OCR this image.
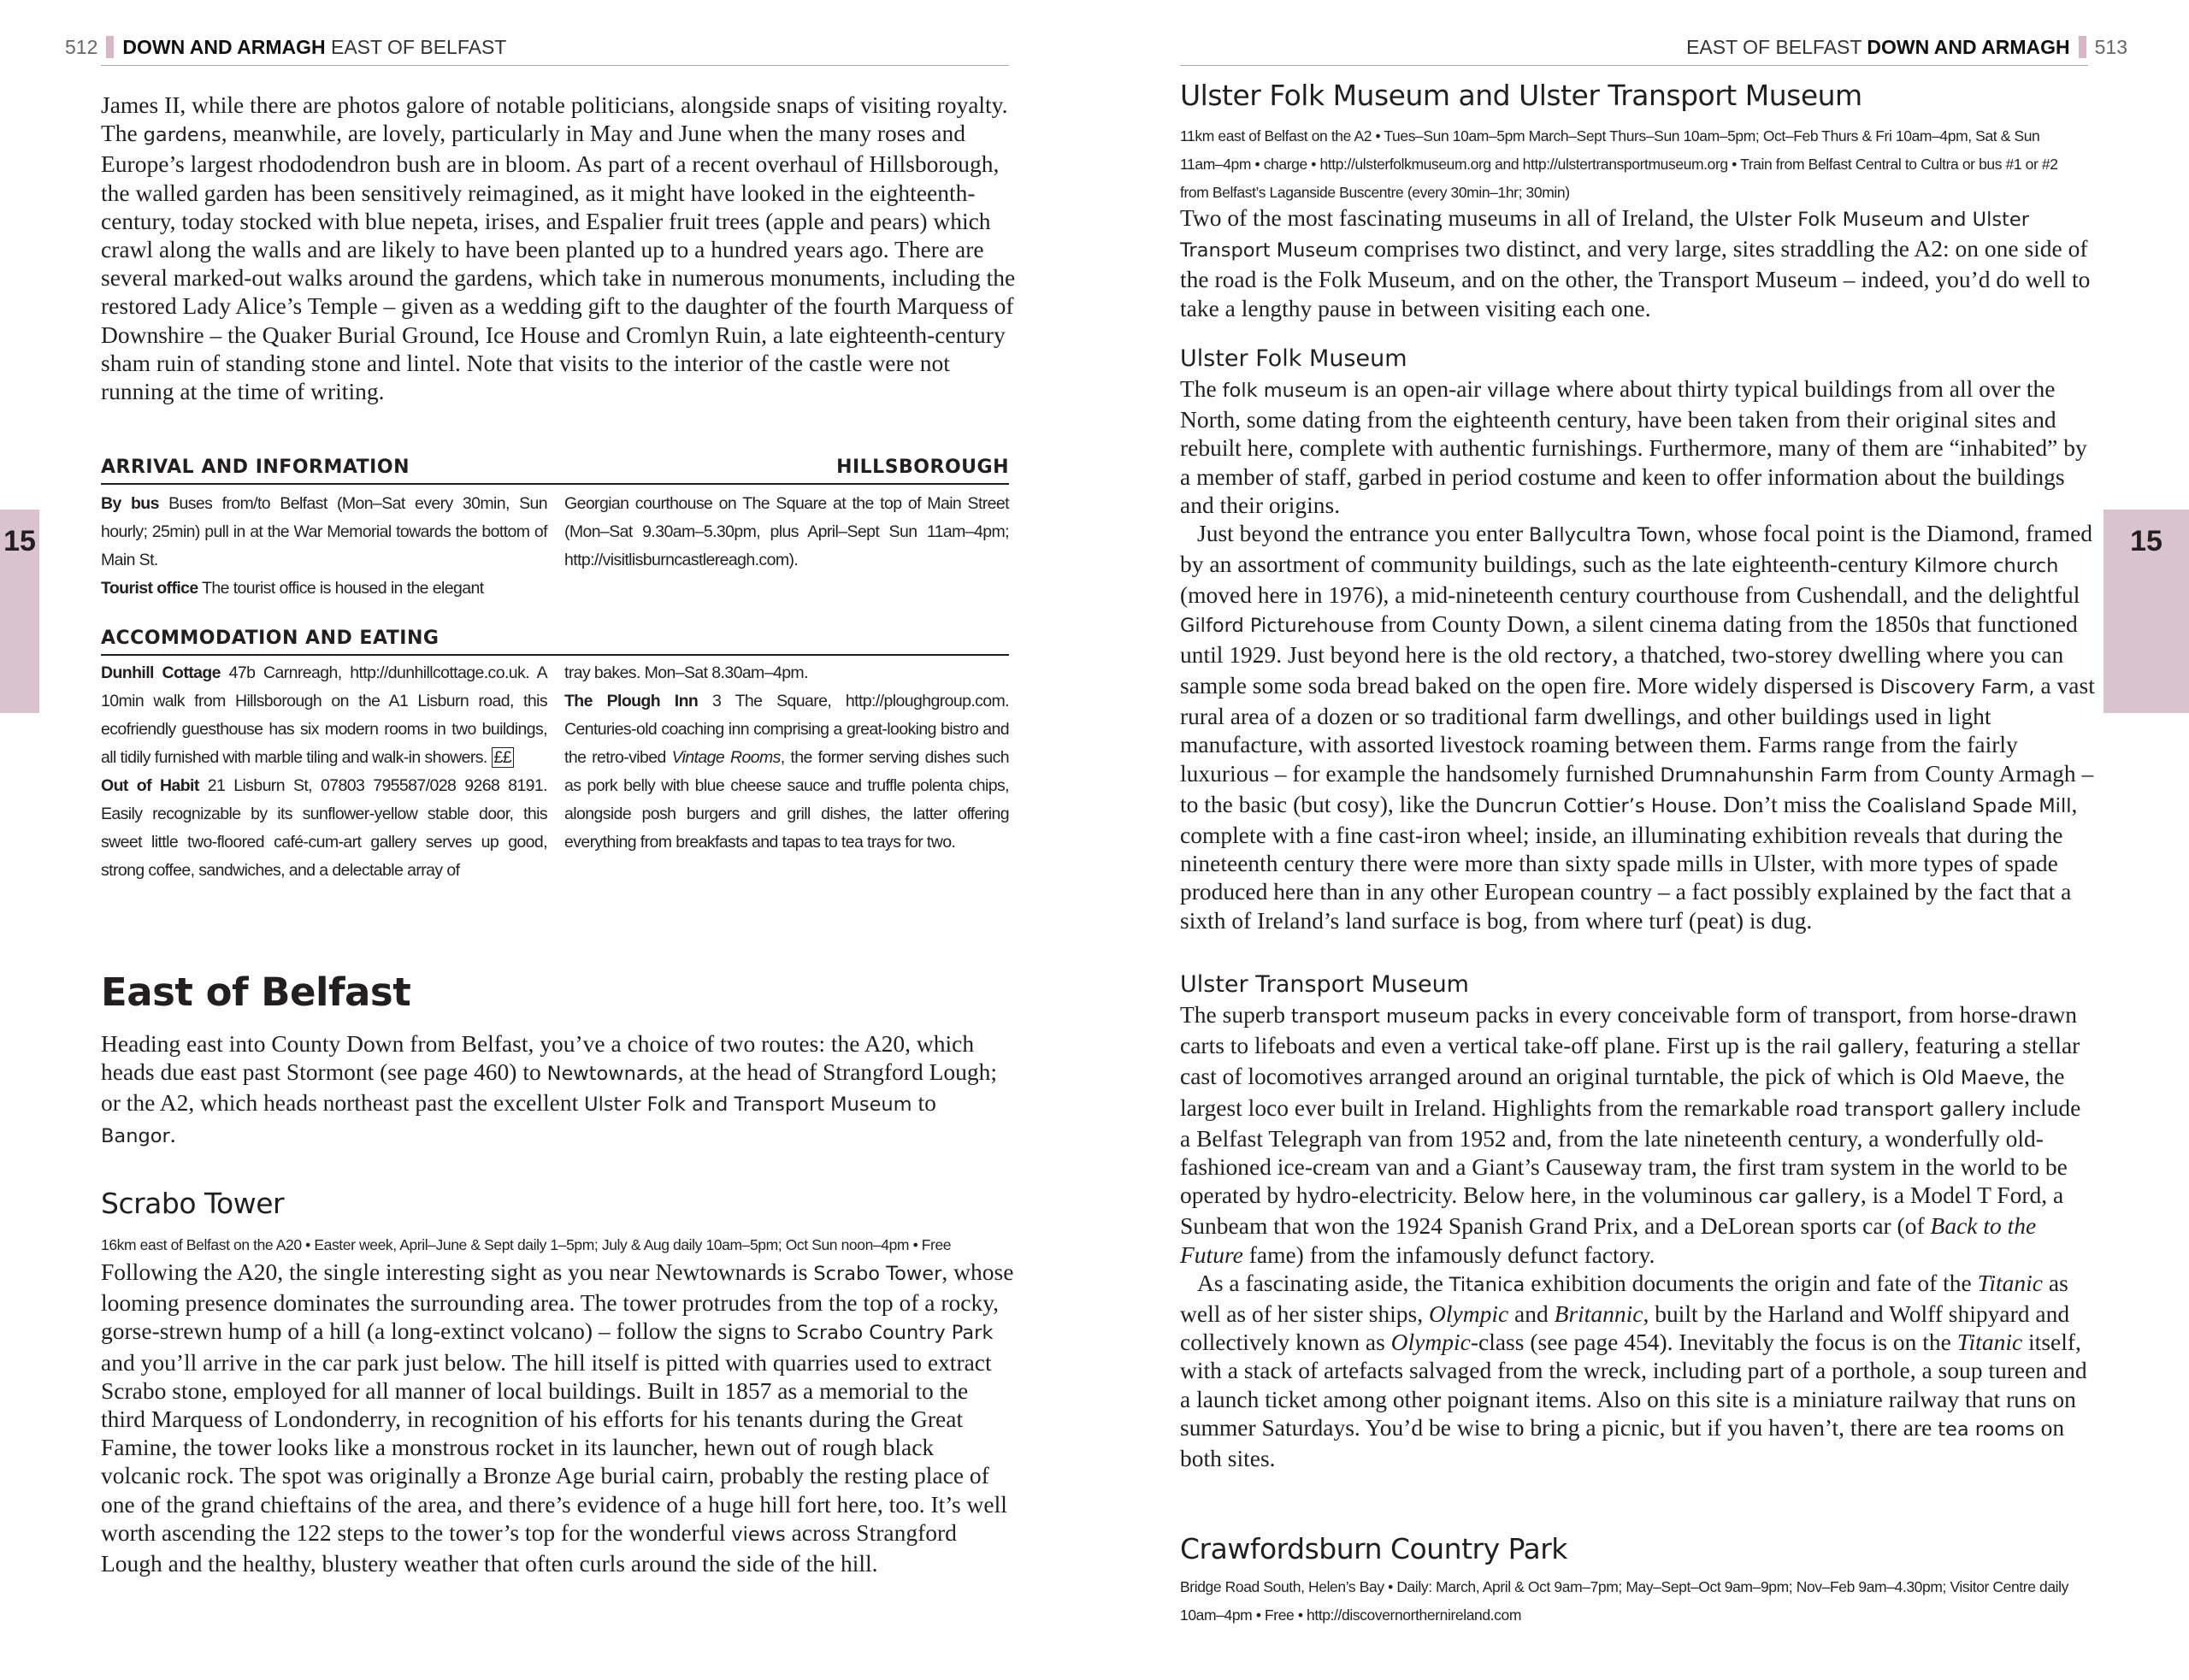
512 DOWN AND ARMAGH EAST OF BELFAST
15

James II, while there are photos galore of notable politicians, alongside snaps of visiting royalty. The gardens, meanwhile, are lovely, particularly in May and June when the many roses and Europe’s largest rhododendron bush are in bloom. As part of a recent overhaul of Hillsborough, the walled garden has been sensitively reimagined, as it might have looked in the eighteenth-century, today stocked with blue nepeta, irises, and Espalier fruit trees (apple and pears) which crawl along the walls and are likely to have been planted up to a hundred years ago. There are several marked-out walks around the gardens, which take in numerous monuments, including the restored Lady Alice’s Temple – given as a wedding gift to the daughter of the fourth Marquess of Downshire – the Quaker Burial Ground, Ice House and Cromlyn Ruin, a late eighteenth-century sham ruin of standing stone and lintel. Note that visits to the interior of the castle were not running at the time of writing.

ARRIVAL AND INFORMATION	HILLSBOROUGH

By bus Buses from/to Belfast (Mon–Sat every 30min, Sun hourly; 25min) pull in at the War Memorial towards the bottom of Main St.

Tourist office The tourist office is housed in the elegant

Georgian courthouse on The Square at the top of Main Street (Mon–Sat 9.30am–5.30pm, plus April–Sept Sun 11am–4pm; http://visitlisburncastlereagh.com).

ACCOMMODATION AND EATING

Dunhill Cottage 47b Carnreagh, http://dunhillcottage.co.uk. A 10min walk from Hillsborough on the A1 Lisburn road, this ecofriendly guesthouse has six modern rooms in two buildings, all tidily furnished with marble tiling and walk-in showers. ££

Out of Habit 21 Lisburn St, 07803 795587/028 9268 8191. Easily recognizable by its sunflower-yellow stable door, this sweet little two-floored café-cum-art gallery serves up good, strong coffee, sandwiches, and a delectable array of

tray bakes. Mon–Sat 8.30am–4pm.

The Plough Inn 3 The Square, http://ploughgroup.com. Centuries-old coaching inn comprising a great-looking bistro and the retro-vibed Vintage Rooms, the former serving dishes such as pork belly with blue cheese sauce and truffle polenta chips, alongside posh burgers and grill dishes, the latter offering everything from breakfasts and tapas to tea trays for two.

East of Belfast

Heading east into County Down from Belfast, you’ve a choice of two routes: the A20, which heads due east past Stormont (see page 460) to Newtownards, at the head of Strangford Lough; or the A2, which heads northeast past the excellent Ulster Folk and Transport Museum to Bangor.

Scrabo Tower
16km east of Belfast on the A20 • Easter week, April–June & Sept daily 1–5pm; July & Aug daily 10am–5pm; Oct Sun noon–4pm • Free

Following the A20, the single interesting sight as you near Newtownards is Scrabo Tower, whose looming presence dominates the surrounding area. The tower protrudes from the top of a rocky, gorse-strewn hump of a hill (a long-extinct volcano) – follow the signs to Scrabo Country Park and you’ll arrive in the car park just below. The hill itself is pitted with quarries used to extract Scrabo stone, employed for all manner of local buildings. Built in 1857 as a memorial to the third Marquess of Londonderry, in recognition of his efforts for his tenants during the Great Famine, the tower looks like a monstrous rocket in its launcher, hewn out of rough black volcanic rock. The spot was originally a Bronze Age burial cairn, probably the resting place of one of the grand chieftains of the area, and there’s evidence of a huge hill fort here, too. It’s well worth ascending the 122 steps to the tower’s top for the wonderful views across Strangford Lough and the healthy, blustery weather that often curls around the side of the hill.

EAST OF BELFAST DOWN AND ARMAGH 513
15
Ulster Folk Museum and Ulster Transport Museum
11km east of Belfast on the A2 • Tues–Sun 10am–5pm March–Sept Thurs–Sun 10am–5pm; Oct–Feb Thurs & Fri 10am–4pm, Sat & Sun 11am–4pm • charge • http://ulsterfolkmuseum.org and http://ulstertransportmuseum.org • Train from Belfast Central to Cultra or bus #1 or #2 from Belfast’s Laganside Buscentre (every 30min–1hr; 30min)

Two of the most fascinating museums in all of Ireland, the Ulster Folk Museum and Ulster Transport Museum comprises two distinct, and very large, sites straddling the A2: on one side of the road is the Folk Museum, and on the other, the Transport Museum – indeed, you’d do well to take a lengthy pause in between visiting each one.

Ulster Folk Museum

The folk museum is an open-air village where about thirty typical buildings from all over the North, some dating from the eighteenth century, have been taken from their original sites and rebuilt here, complete with authentic furnishings. Furthermore, many of them are “inhabited” by a member of staff, garbed in period costume and keen to offer information about the buildings and their origins.

Just beyond the entrance you enter Ballycultra Town, whose focal point is the Diamond, framed by an assortment of community buildings, such as the late eighteenth-century Kilmore church (moved here in 1976), a mid-nineteenth century courthouse from Cushendall, and the delightful Gilford Picturehouse from County Down, a silent cinema dating from the 1850s that functioned until 1929. Just beyond here is the old rectory, a thatched, two-storey dwelling where you can sample some soda bread baked on the open fire. More widely dispersed is Discovery Farm, a vast rural area of a dozen or so traditional farm dwellings, and other buildings used in light manufacture, with assorted livestock roaming between them. Farms range from the fairly luxurious – for example the handsomely furnished Drumnahunshin Farm from County Armagh – to the basic (but cosy), like the Duncrun Cottier’s House. Don’t miss the Coalisland Spade Mill, complete with a fine cast-iron wheel; inside, an illuminating exhibition reveals that during the nineteenth century there were more than sixty spade mills in Ulster, with more types of spade produced here than in any other European country – a fact possibly explained by the fact that a sixth of Ireland’s land surface is bog, from where turf (peat) is dug.

Ulster Transport Museum

The superb transport museum packs in every conceivable form of transport, from horse-drawn carts to lifeboats and even a vertical take-off plane. First up is the rail gallery, featuring a stellar cast of locomotives arranged around an original turntable, the pick of which is Old Maeve, the largest loco ever built in Ireland. Highlights from the remarkable road transport gallery include a Belfast Telegraph van from 1952 and, from the late nineteenth century, a wonderfully old-fashioned ice-cream van and a Giant’s Causeway tram, the first tram system in the world to be operated by hydro-electricity. Below here, in the voluminous car gallery, is a Model T Ford, a Sunbeam that won the 1924 Spanish Grand Prix, and a DeLorean sports car (of Back to the Future fame) from the infamously defunct factory.

As a fascinating aside, the Titanica exhibition documents the origin and fate of the Titanic as well as of her sister ships, Olympic and Britannic, built by the Harland and Wolff shipyard and collectively known as Olympic-class (see page 454). Inevitably the focus is on the Titanic itself, with a stack of artefacts salvaged from the wreck, including part of a porthole, a soup tureen and a launch ticket among other poignant items. Also on this site is a miniature railway that runs on summer Saturdays. You’d be wise to bring a picnic, but if you haven’t, there are tea rooms on both sites.

Crawfordsburn Country Park
Bridge Road South, Helen’s Bay • Daily: March, April & Oct 9am–7pm; May–Sept–Oct 9am–9pm; Nov–Feb 9am–4.30pm; Visitor Centre daily 10am–4pm • Free • http://discovernorthernireland.com
